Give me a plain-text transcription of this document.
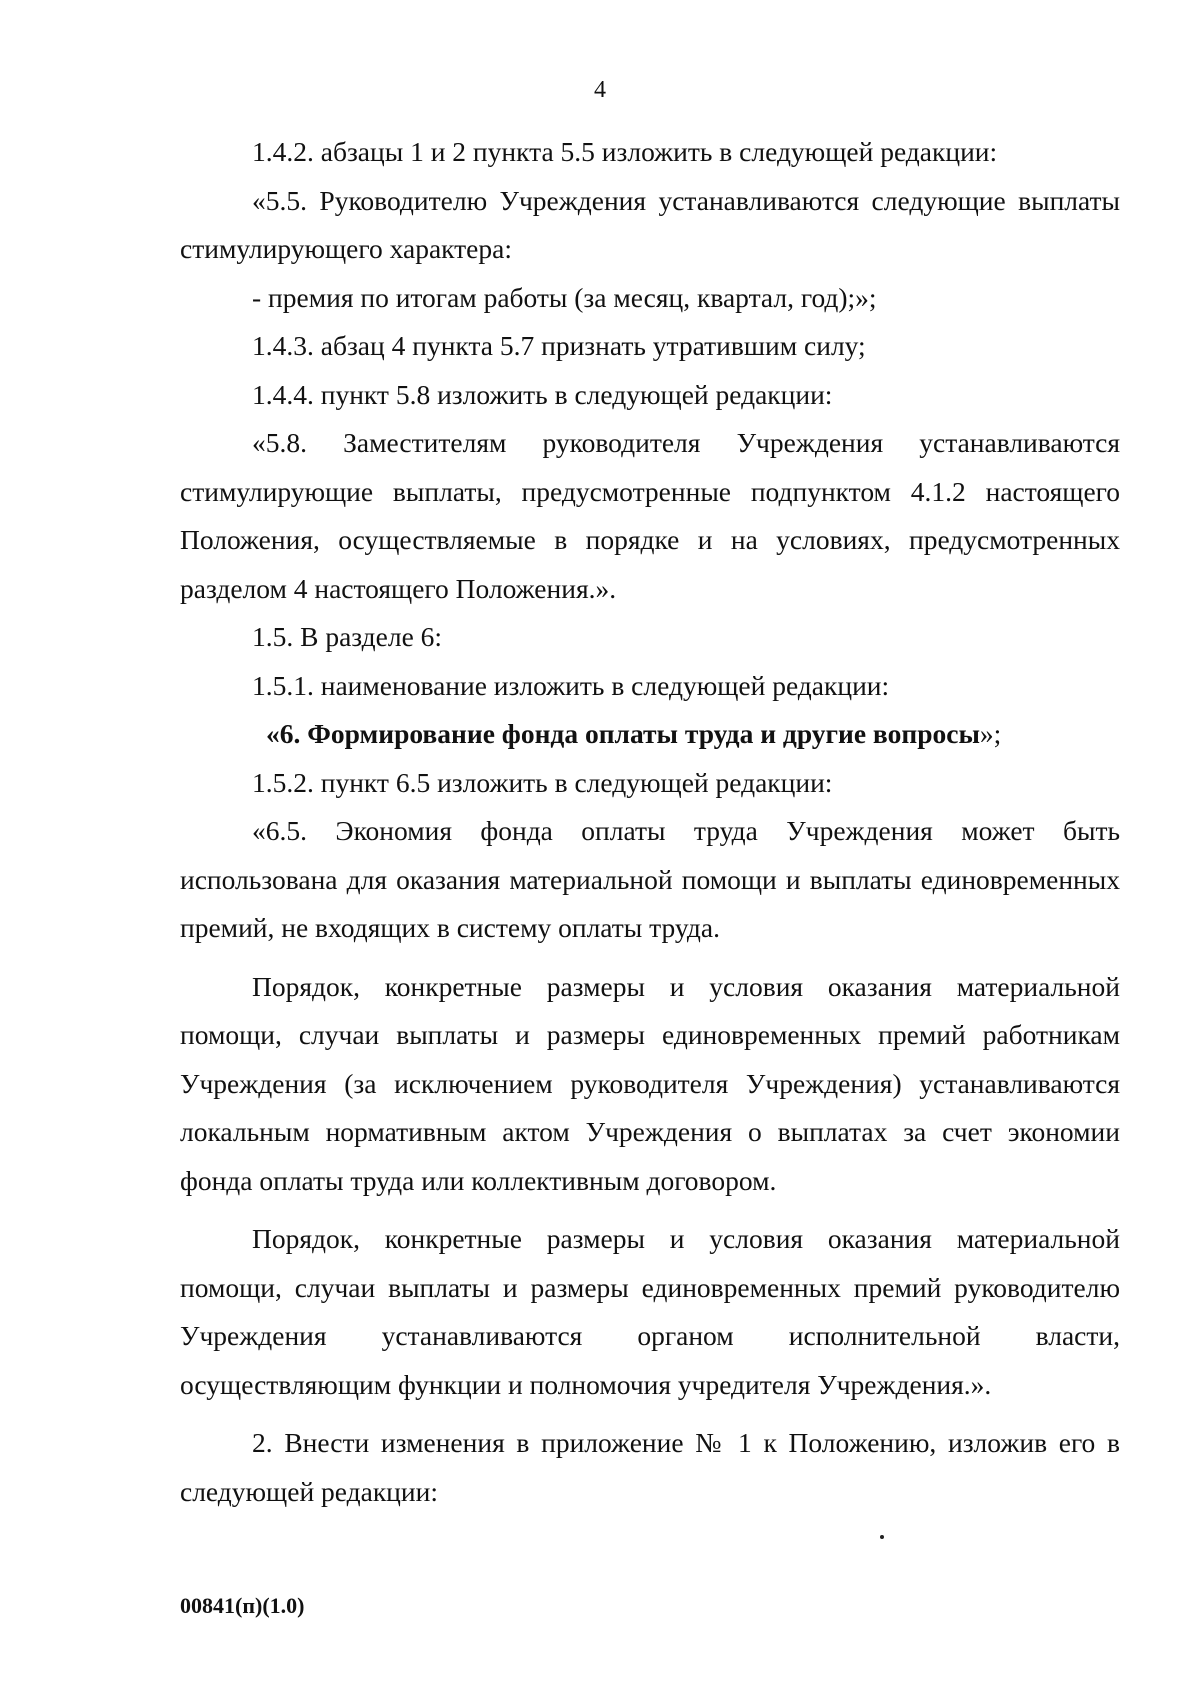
4

1.4.2. абзацы 1 и 2 пункта 5.5 изложить в следующей редакции:

«5.5. Руководителю Учреждения устанавливаются следующие выплаты стимулирующего характера:

- премия по итогам работы (за месяц, квартал, год);»;

1.4.3. абзац 4 пункта 5.7 признать утратившим силу;

1.4.4. пункт 5.8 изложить в следующей редакции:

«5.8. Заместителям руководителя Учреждения устанавливаются стимулирующие выплаты, предусмотренные подпунктом 4.1.2 настоящего Положения, осуществляемые в порядке и на условиях, предусмотренных разделом 4 настоящего Положения.».

1.5. В разделе 6:

1.5.1. наименование изложить в следующей редакции:

«6. Формирование фонда оплаты труда и другие вопросы»;

1.5.2. пункт 6.5 изложить в следующей редакции:

«6.5. Экономия фонда оплаты труда Учреждения может быть использована для оказания материальной помощи и выплаты единовременных премий, не входящих в систему оплаты труда.

Порядок, конкретные размеры и условия оказания материальной помощи, случаи выплаты и размеры единовременных премий работникам Учреждения (за исключением руководителя Учреждения) устанавливаются локальным нормативным актом Учреждения о выплатах за счет экономии фонда оплаты труда или коллективным договором.

Порядок, конкретные размеры и условия оказания материальной помощи, случаи выплаты и размеры единовременных премий руководителю Учреждения устанавливаются органом исполнительной власти, осуществляющим функции и полномочия учредителя Учреждения.».

2. Внести изменения в приложение № 1 к Положению, изложив его в следующей редакции:

00841(п)(1.0)
